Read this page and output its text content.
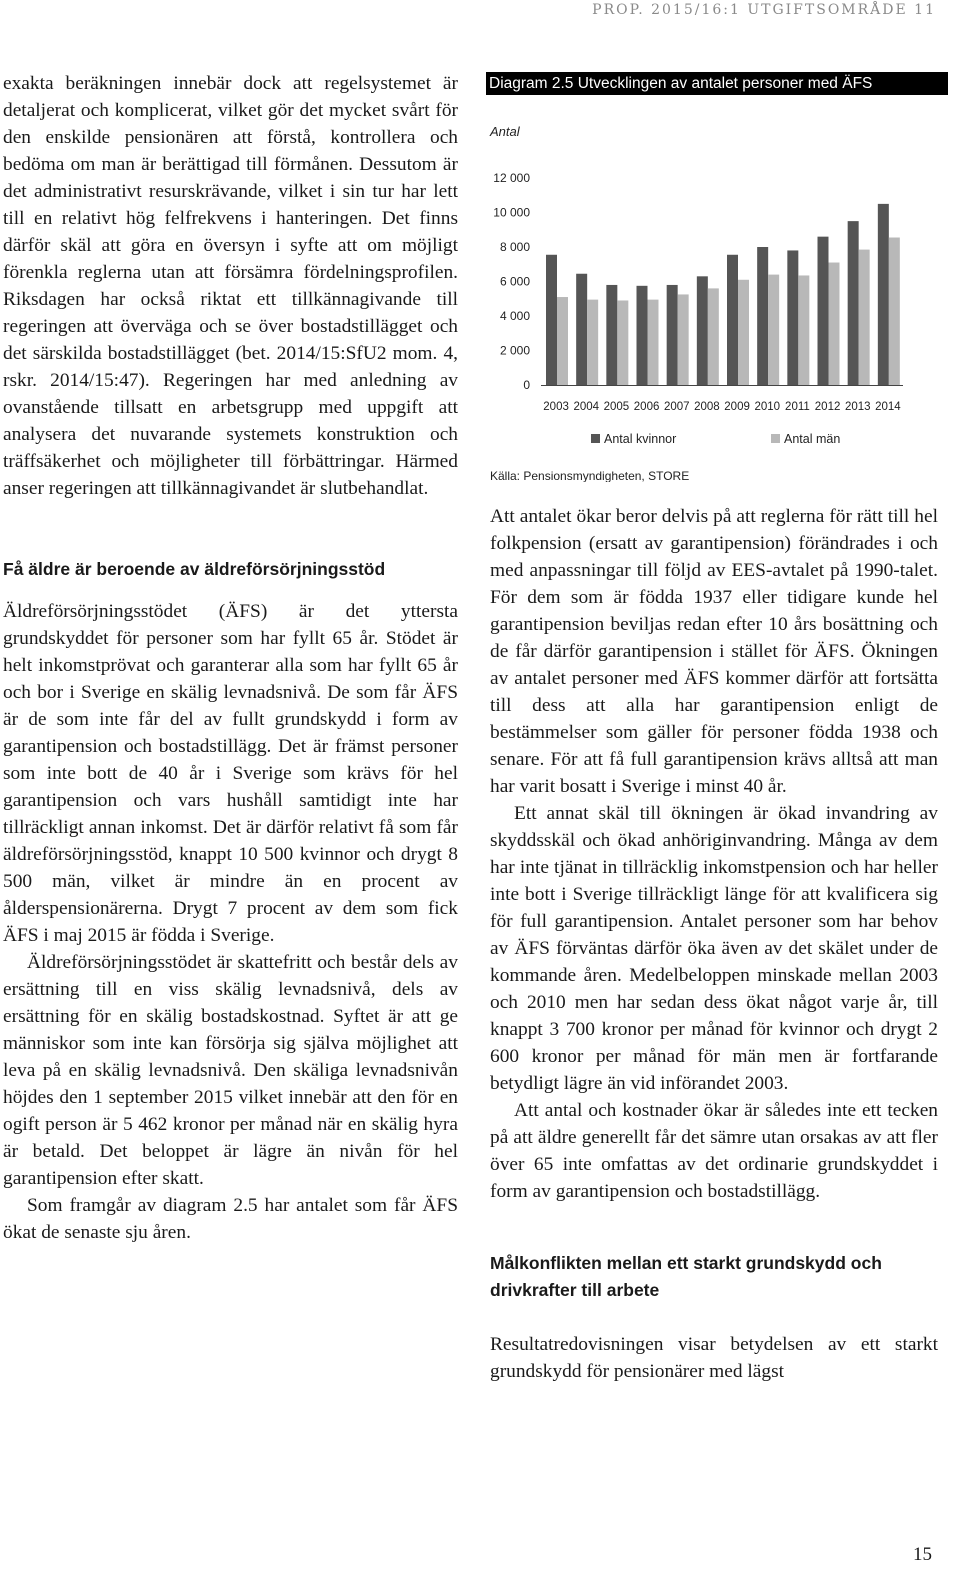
PROP. 2015/16:1 UTGIFTSOMRÅDE 11

exakta beräkningen innebär dock att regelsystemet är detaljerat och komplicerat, vilket gör det mycket svårt för den enskilde pensionären att förstå, kontrollera och bedöma om man är berättigad till förmånen. Dessutom är det administrativt resurskrävande, vilket i sin tur har lett till en relativt hög felfrekvens i hanteringen. Det finns därför skäl att göra en översyn i syfte att om möjligt förenkla reglerna utan att försämra fördelningsprofilen. Riksdagen har också riktat ett tillkännagivande till regeringen att överväga och se över bostadstillägget och det särskilda bostadstillägget (bet. 2014/15:SfU2 mom. 4, rskr. 2014/15:47). Regeringen har med anledning av ovanstående tillsatt en arbetsgrupp med uppgift att analysera det nuvarande systemets konstruktion och träffsäkerhet och möjligheter till förbättringar. Härmed anser regeringen att tillkännagivandet är slutbehandlat.

Få äldre är beroende av äldreförsörjningsstöd

Äldreförsörjningsstödet (ÄFS) är det yttersta grundskyddet för personer som har fyllt 65 år. Stödet är helt inkomstprövat och garanterar alla som har fyllt 65 år och bor i Sverige en skälig levnadsnivå. De som får ÄFS är de som inte får del av fullt grundskydd i form av garantipension och bostadstillägg. Det är främst personer som inte bott de 40 år i Sverige som krävs för hel garantipension och vars hushåll samtidigt inte har tillräckligt annan inkomst. Det är därför relativt få som får äldreförsörjningsstöd, knappt 10 500 kvinnor och drygt 8 500 män, vilket är mindre än en procent av ålderspensionärerna. Drygt 7 procent av dem som fick ÄFS i maj 2015 är födda i Sverige.

Äldreförsörjningsstödet är skattefritt och består dels av ersättning till en viss skälig levnadsnivå, dels av ersättning för en skälig bostadskostnad. Syftet är att ge människor som inte kan försörja sig själva möjlighet att leva på en skälig levnadsnivå. Den skäliga levnadsnivån höjdes den 1 september 2015 vilket innebär att den för en ogift person är 5 462 kronor per månad när en skälig hyra är betald. Det beloppet är lägre än nivån för hel garantipension efter skatt.

Som framgår av diagram 2.5 har antalet som får ÄFS ökat de senaste sju åren.

Diagram 2.5 Utvecklingen av antalet personer med ÄFS
Antal
0
2 000
4 000
6 000
8 000
10 000
12 000
2003 2004 2005 2006 2007 2008 2009 2010 2011 2012 2013 2014
Antal kvinnor	Antal män
Källa: Pensionsmyndigheten, STORE

Att antalet ökar beror delvis på att reglerna för rätt till hel folkpension (ersatt av garantipension) förändrades i och med anpassningar till följd av EES-avtalet på 1990-talet. För dem som är födda 1937 eller tidigare kunde hel garantipension beviljas redan efter 10 års bosättning och de får därför garantipension i stället för ÄFS. Ökningen av antalet personer med ÄFS kommer därför att fortsätta till dess att alla har garantipension enligt de bestämmelser som gäller för personer födda 1938 och senare. För att få full garantipension krävs alltså att man har varit bosatt i Sverige i minst 40 år.

Ett annat skäl till ökningen är ökad invandring av skyddsskäl och ökad anhöriginvandring. Många av dem har inte tjänat in tillräcklig inkomstpension och har heller inte bott i Sverige tillräckligt länge för att kvalificera sig för full garantipension. Antalet personer som har behov av ÄFS förväntas därför öka även av det skälet under de kommande åren. Medelbeloppen minskade mellan 2003 och 2010 men har sedan dess ökat något varje år, till knappt 3 700 kronor per månad för kvinnor och drygt 2 600 kronor per månad för män men är fortfarande betydligt lägre än vid införandet 2003.

Att antal och kostnader ökar är således inte ett tecken på att äldre generellt får det sämre utan orsakas av att fler över 65 inte omfattas av det ordinarie grundskyddet i form av garantipension och bostadstillägg.

Målkonflikten mellan ett starkt grundskydd och drivkrafter till arbete

Resultatredovisningen visar betydelsen av ett starkt grundskydd för pensionärer med lägst

15
